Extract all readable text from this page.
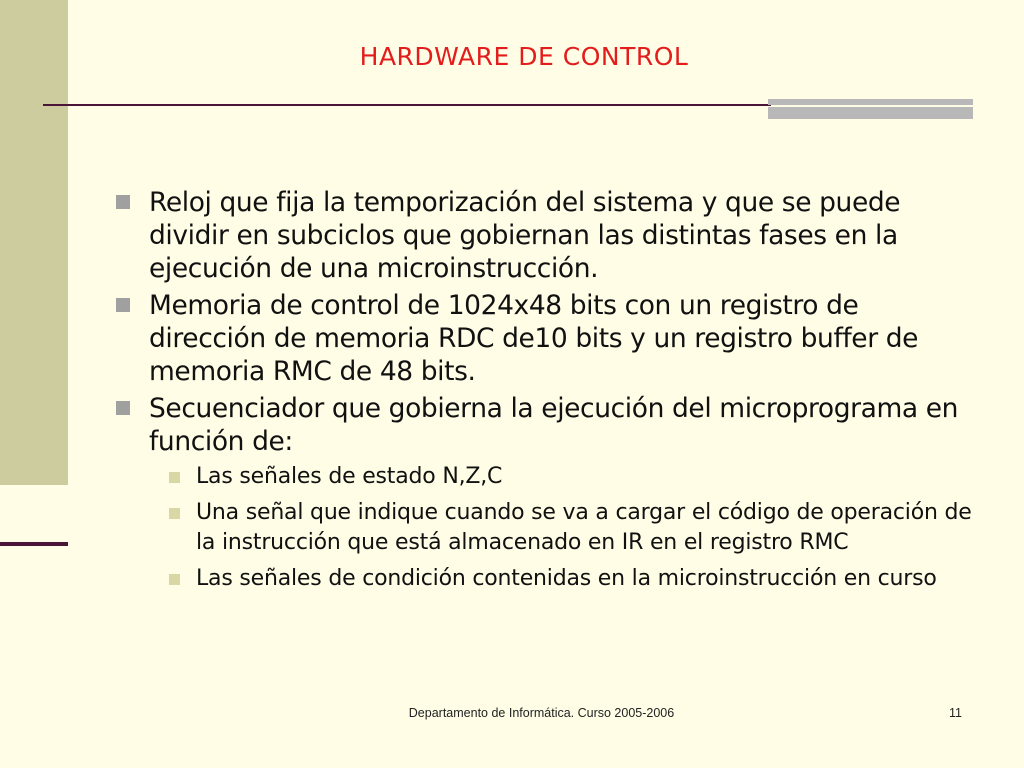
HARDWARE DE CONTROL
Reloj que fija la temporización del sistema y que se puede dividir en subciclos que gobiernan las distintas fases en la ejecución de una microinstrucción.
Memoria de control de 1024x48 bits con un registro de dirección de memoria RDC de10 bits y un registro buffer de memoria RMC de 48 bits.
Secuenciador que gobierna la ejecución del microprograma en función de:
Las señales de estado N,Z,C
Una señal que indique cuando se va a cargar el código de operación de la instrucción que está almacenado en IR en el registro RMC
Las señales de condición contenidas en la microinstrucción en curso
Departamento de Informática. Curso 2005-2006	11
